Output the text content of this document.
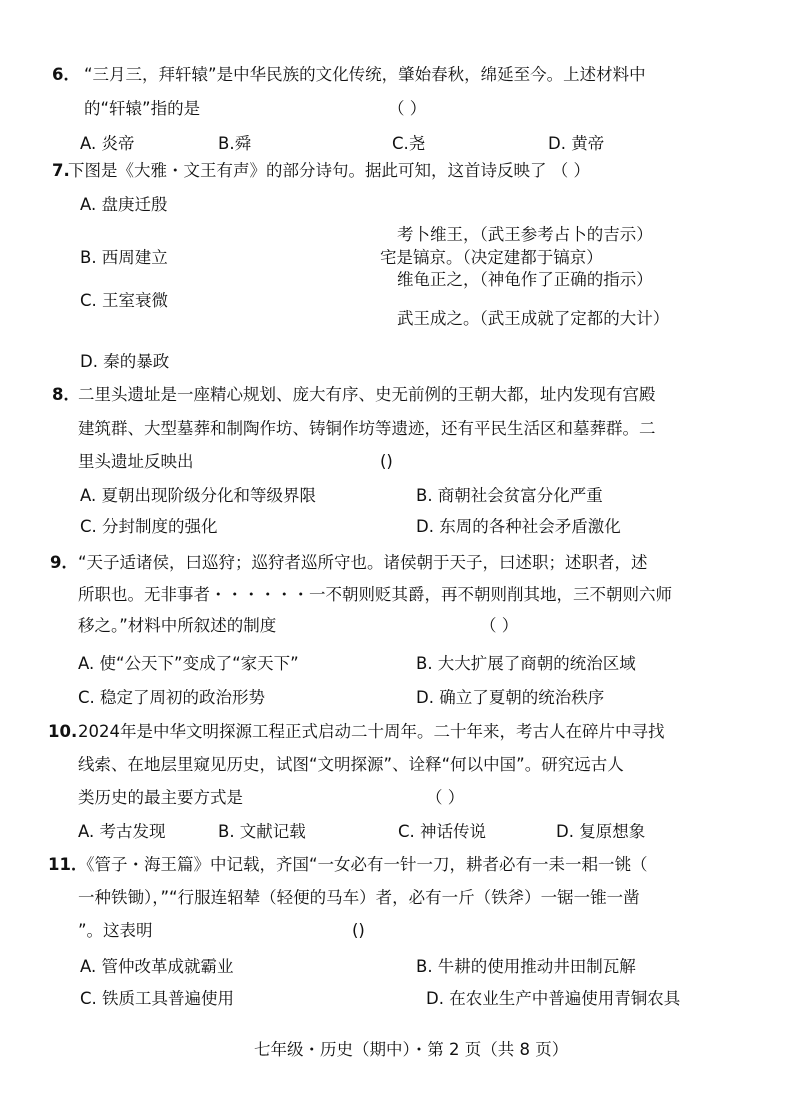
6． “三月三，拜轩辕”是中华民族的文化传统，肇始春秋，绵延至今。上述材料中
的“轩辕”指的是	（ ）
A. 炎帝	B.舜	C.尧	D. 黄帝
7.
下图是《大雅・文王有声》的部分诗句。据此可知，这首诗反映了 （ ）
A. 盘庚迁殷
B. 西周建立
C. 王室衰微
D. 秦的暴政
考卜维王，（武王参考占卜的吉示）
宅是镐京。（决定建都于镐京）
维龟正之，（神龟作了正确的指示）
武王成之。（武王成就了定都的大计）
8．
二里头遗址是一座精心规划、庞大有序、史无前例的王朝大都，址内发现有宫殿
建筑群、大型墓葬和制陶作坊、铸铜作坊等遗迹，还有平民生活区和墓葬群。二
里头遗址反映出	()
A. 夏朝出现阶级分化和等级界限	B. 商朝社会贫富分化严重
C. 分封制度的强化	D. 东周的各种社会矛盾激化
9． “天子适诸侯，曰巡狩；巡狩者巡所守也。诸侯朝于天子，曰述职；述职者，述
所职也。无非事者・・・・・・一不朝则贬其爵，再不朝则削其地，三不朝则六师
移之。”材料中所叙述的制度	（ ）
A. 使“公天下”变成了“家天下”	B. 大大扩展了商朝的统治区域
C. 稳定了周初的政治形势	D. 确立了夏朝的统治秩序
10. 2024年是中华文明探源工程正式启动二十周年。二十年来，考古人在碎片中寻找
线索、在地层里窥见历史，试图“文明探源”、诠释“何以中国”。研究远古人
类历史的最主要方式是	（ ）
A. 考古发现	B. 文献记载	C. 神话传说	D. 复原想象
11．
《管子・海王篇》中记载，齐国“一女必有一针一刀，耕者必有一耒一耜一铫（
一种铁锄），”“行服连轺辇（轻便的马车）者，必有一斤（铁斧）一锯一锥一凿
”。这表明	()
A. 管仲改革成就霸业	B. 牛耕的使用推动井田制瓦解
C. 铁质工具普遍使用	D. 在农业生产中普遍使用青铜农具
七年级・历史（期中）・第 2 页（共 8 页）
